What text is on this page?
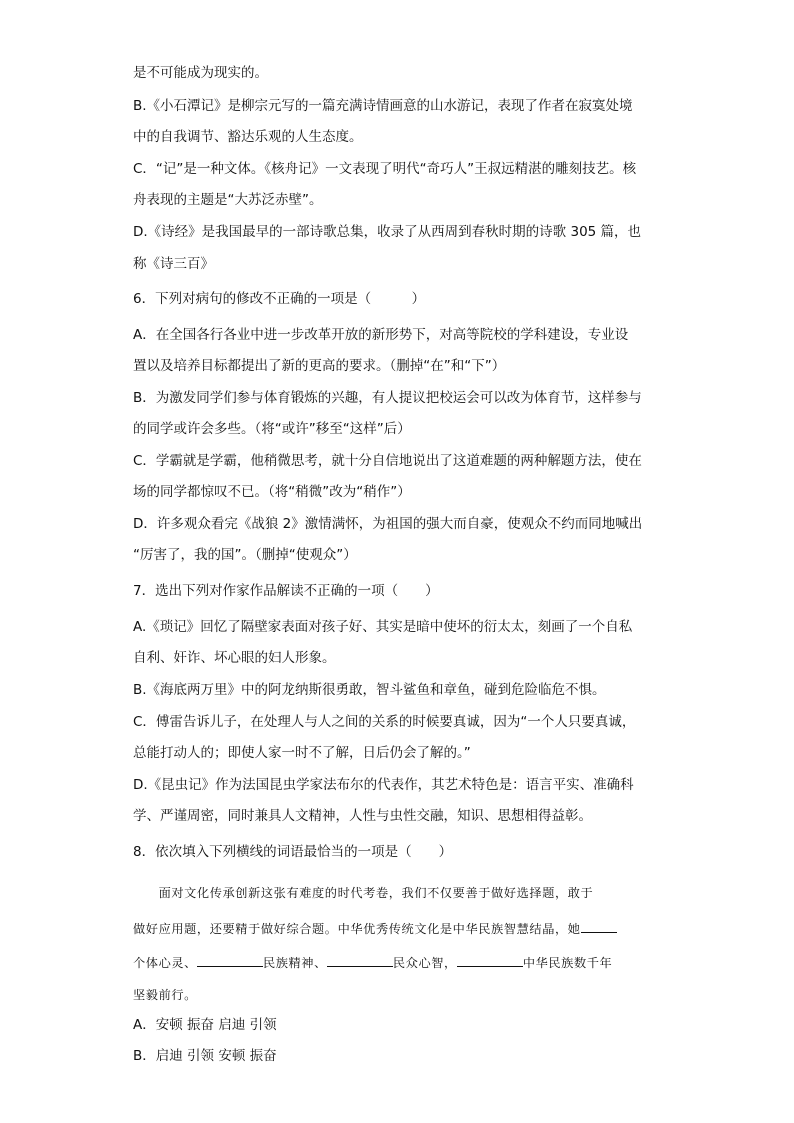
是不可能成为现实的。
B.《小石潭记》是柳宗元写的一篇充满诗情画意的山水游记，表现了作者在寂寞处境
中的自我调节、豁达乐观的人生态度。
C．“记”是一种文体。《核舟记》一文表现了明代“奇巧人”王叔远精湛的雕刻技艺。核
舟表现的主题是“大苏泛赤壁”。
D.《诗经》是我国最早的一部诗歌总集，收录了从西周到春秋时期的诗歌 305 篇，也
称《诗三百》
6．下列对病句的修改不正确的一项是（　　　）
A．在全国各行各业中进一步改革开放的新形势下，对高等院校的学科建设，专业设
置以及培养目标都提出了新的更高的要求。（删掉“在”和“下”）
B．为激发同学们参与体育锻炼的兴趣，有人提议把校运会可以改为体育节，这样参与
的同学或许会多些。（将“或许”移至“这样”后）
C．学霸就是学霸，他稍微思考，就十分自信地说出了这道难题的两种解题方法，使在
场的同学都惊叹不已。（将“稍微”改为“稍作”）
D．许多观众看完《战狼 2》激情满怀，为祖国的强大而自豪，使观众不约而同地喊出
“厉害了，我的国”。（删掉“使观众”）
7．选出下列对作家作品解读不正确的一项（　　）
A.《琐记》回忆了隔壁家表面对孩子好、其实是暗中使坏的衍太太，刻画了一个自私
自利、奸诈、坏心眼的妇人形象。
B.《海底两万里》中的阿龙纳斯很勇敢，智斗鲨鱼和章鱼，碰到危险临危不惧。
C．傅雷告诉儿子，在处理人与人之间的关系的时候要真诚，因为“一个人只要真诚，
总能打动人的；即使人家一时不了解，日后仍会了解的。”
D.《昆虫记》作为法国昆虫学家法布尔的代表作，其艺术特色是：语言平实、准确科
学、严谨周密，同时兼具人文精神，人性与虫性交融，知识、思想相得益彰。
8．依次填入下列横线的词语最恰当的一项是（　　）
　　面对文化传承创新这张有难度的时代考卷，我们不仅要善于做好选择题，敢于
做好应用题，还要精于做好综合题。中华优秀传统文化是中华民族智慧结晶，她
个体心灵、	民族精神、	民众心智，	中华民族数千年
坚毅前行。
A．安顿 振奋 启迪 引领
B．启迪 引领 安顿 振奋
